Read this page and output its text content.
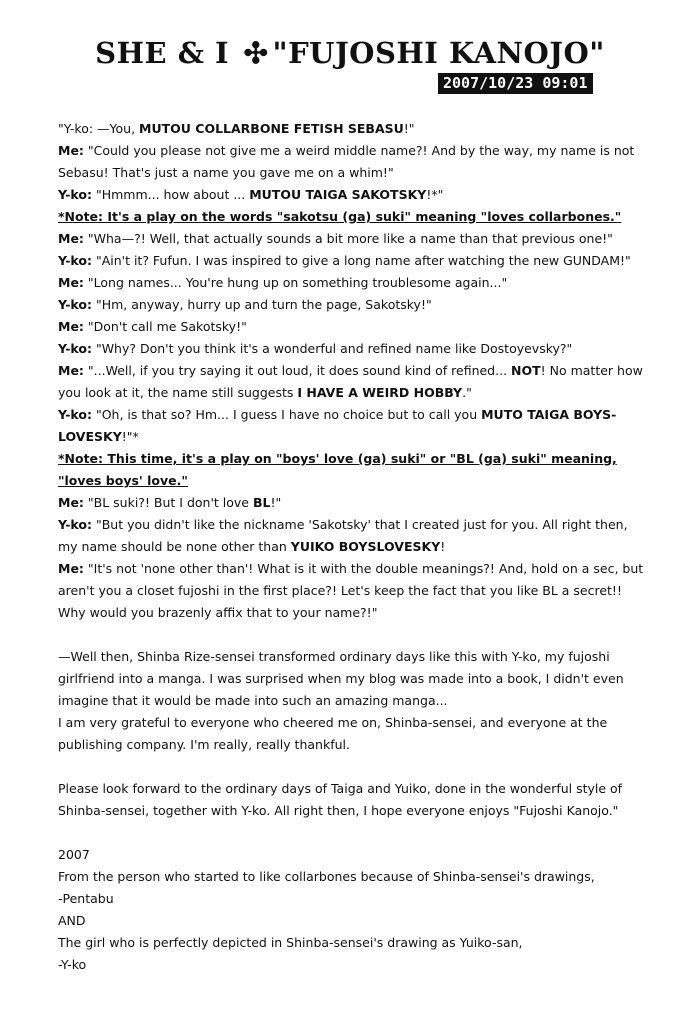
SHE & I ✣ "FUJOSHI KANOJO"
2007/10/23 09:01

"Y-ko: —You, MUTOU COLLARBONE FETISH SEBASU!"

Me: "Could you please not give me a weird middle name?! And by the way, my name is not Sebasu! That's just a name you gave me on a whim!"

Y-ko: "Hmmm... how about ... MUTOU TAIGA SAKOTSKY!*"

*Note: It's a play on the words "sakotsu (ga) suki" meaning "loves collarbones."

Me: "Wha—?! Well, that actually sounds a bit more like a name than that previous one!"

Y-ko: "Ain't it? Fufun. I was inspired to give a long name after watching the new GUNDAM!"

Me: "Long names... You're hung up on something troublesome again..."

Y-ko: "Hm, anyway, hurry up and turn the page, Sakotsky!"

Me: "Don't call me Sakotsky!"

Y-ko: "Why? Don't you think it's a wonderful and refined name like Dostoyevsky?"

Me: "...Well, if you try saying it out loud, it does sound kind of refined... NOT! No matter how you look at it, the name still suggests I HAVE A WEIRD HOBBY."

Y-ko: "Oh, is that so? Hm... I guess I have no choice but to call you MUTO TAIGA BOYS-LOVESKY!"*

*Note: This time, it's a play on "boys' love (ga) suki" or "BL (ga) suki" meaning, "loves boys' love."

Me: "BL suki?! But I don't love BL!"

Y-ko: "But you didn't like the nickname 'Sakotsky' that I created just for you. All right then, my name should be none other than YUIKO BOYSLOVESKY!

Me: "It's not 'none other than'! What is it with the double meanings?! And, hold on a sec, but aren't you a closet fujoshi in the first place?! Let's keep the fact that you like BL a secret!! Why would you brazenly affix that to your name?!"

—Well then, Shinba Rize-sensei transformed ordinary days like this with Y-ko, my fujoshi girlfriend into a manga. I was surprised when my blog was made into a book, I didn't even imagine that it would be made into such an amazing manga...

I am very grateful to everyone who cheered me on, Shinba-sensei, and everyone at the publishing company. I'm really, really thankful.

Please look forward to the ordinary days of Taiga and Yuiko, done in the wonderful style of Shinba-sensei, together with Y-ko. All right then, I hope everyone enjoys "Fujoshi Kanojo."

2007

From the person who started to like collarbones because of Shinba-sensei's drawings,

-Pentabu

AND

The girl who is perfectly depicted in Shinba-sensei's drawing as Yuiko-san,

-Y-ko
